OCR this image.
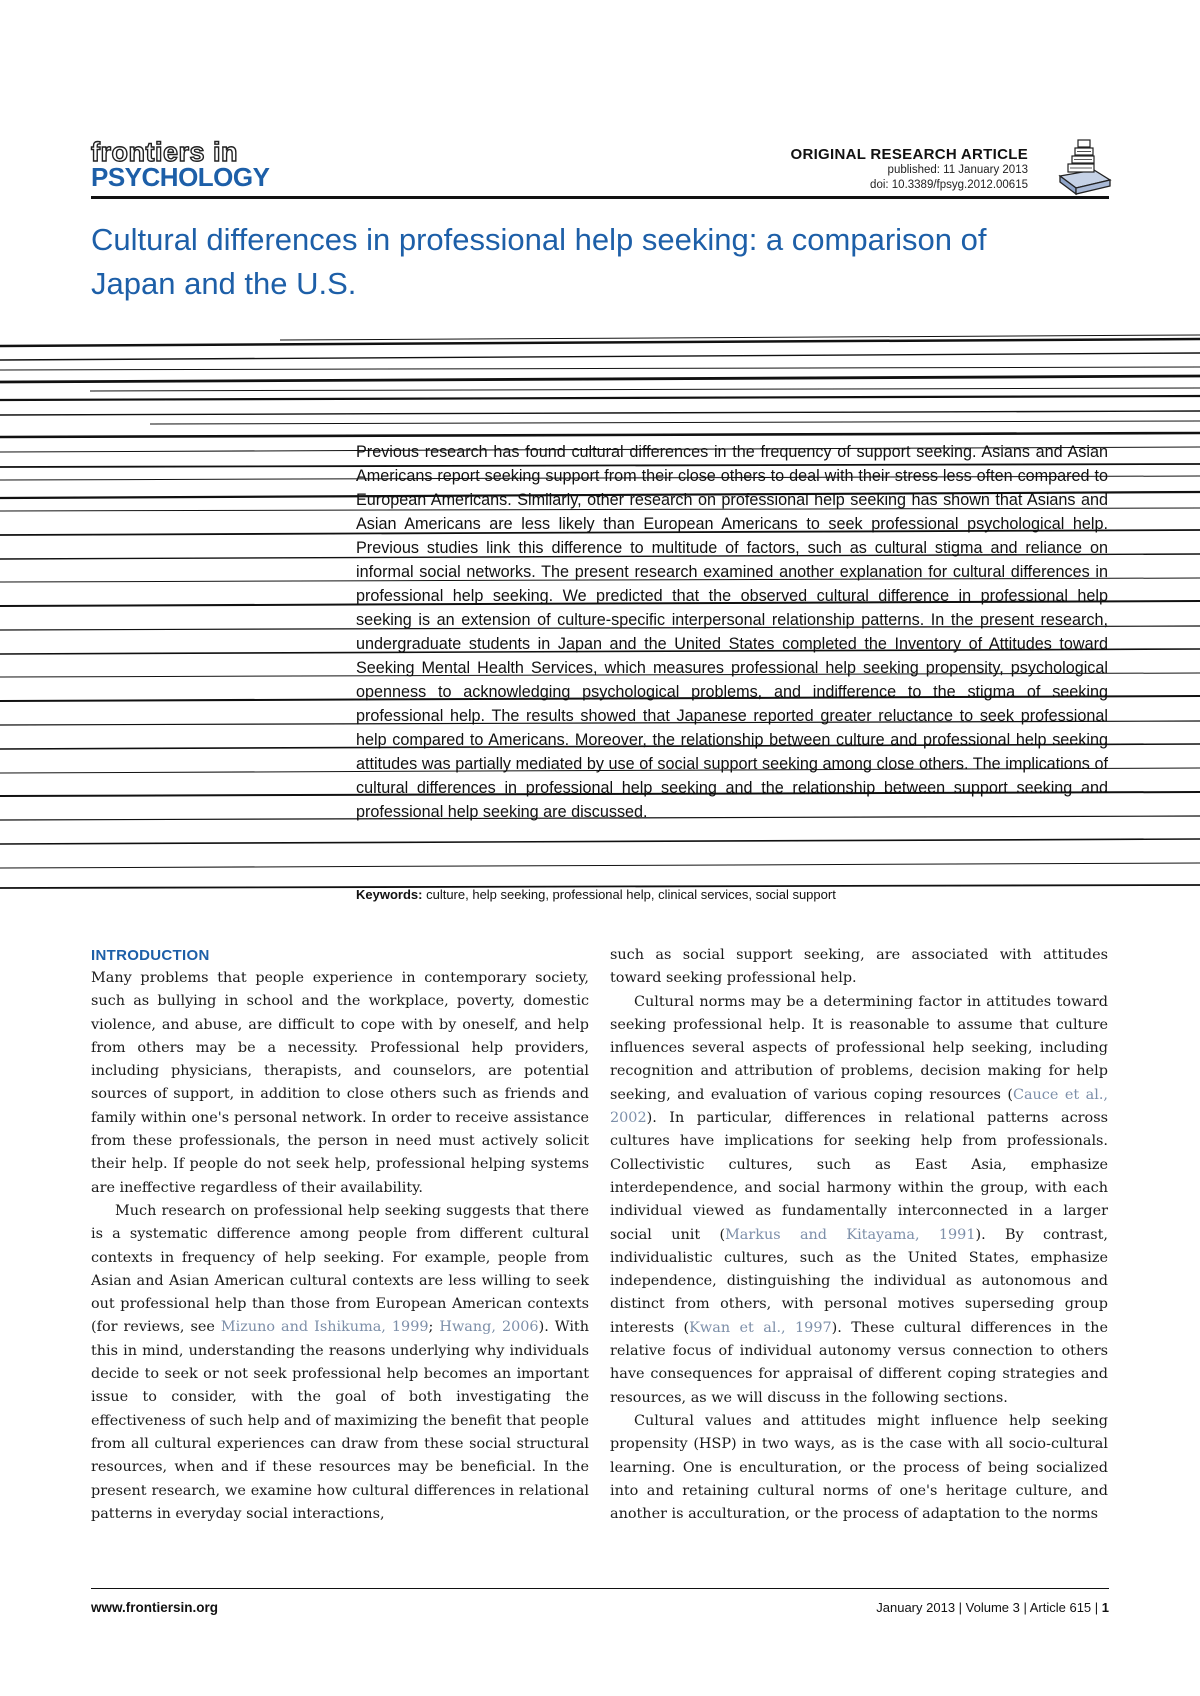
frontiers in
PSYCHOLOGY
ORIGINAL RESEARCH ARTICLE
published: 11 January 2013
doi: 10.3389/fpsyg.2012.00615
Cultural differences in professional help seeking: a comparison of Japan and the U.S.

Previous research has found cultural differences in the frequency of support seeking. Asians and Asian Americans report seeking support from their close others to deal with their stress less often compared to European Americans. Similarly, other research on professional help seeking has shown that Asians and Asian Americans are less likely than European Americans to seek professional psychological help. Previous studies link this difference to multitude of factors, such as cultural stigma and reliance on informal social networks. The present research examined another explanation for cultural differences in professional help seeking. We predicted that the observed cultural difference in professional help seeking is an extension of culture-specific interpersonal relationship patterns. In the present research, undergraduate students in Japan and the United States completed the Inventory of Attitudes toward Seeking Mental Health Services, which measures professional help seeking propensity, psychological openness to acknowledging psychological problems, and indifference to the stigma of seeking professional help. The results showed that Japanese reported greater reluctance to seek professional help compared to Americans. Moreover, the relationship between culture and professional help seeking attitudes was partially mediated by use of social support seeking among close others. The implications of cultural differences in professional help seeking and the relationship between support seeking and professional help seeking are discussed.

Keywords: culture, help seeking, professional help, clinical services, social support
INTRODUCTION

Many problems that people experience in contemporary society, such as bullying in school and the workplace, poverty, domestic violence, and abuse, are difficult to cope with by oneself, and help from others may be a necessity. Professional help providers, including physicians, therapists, and counselors, are potential sources of support, in addition to close others such as friends and family within one's personal network. In order to receive assistance from these professionals, the person in need must actively solicit their help. If people do not seek help, professional helping systems are ineffective regardless of their availability.

Much research on professional help seeking suggests that there is a systematic difference among people from different cultural contexts in frequency of help seeking. For example, people from Asian and Asian American cultural contexts are less willing to seek out professional help than those from European American contexts (for reviews, see Mizuno and Ishikuma, 1999; Hwang, 2006). With this in mind, understanding the reasons underlying why individuals decide to seek or not seek professional help becomes an important issue to consider, with the goal of both investigating the effectiveness of such help and of maximizing the benefit that people from all cultural experiences can draw from these social structural resources, when and if these resources may be beneficial. In the present research, we examine how cultural differences in relational patterns in everyday social interactions,

such as social support seeking, are associated with attitudes toward seeking professional help.

Cultural norms may be a determining factor in attitudes toward seeking professional help. It is reasonable to assume that culture influences several aspects of professional help seeking, including recognition and attribution of problems, decision making for help seeking, and evaluation of various coping resources (Cauce et al., 2002). In particular, differences in relational patterns across cultures have implications for seeking help from professionals. Collectivistic cultures, such as East Asia, emphasize interdependence, and social harmony within the group, with each individual viewed as fundamentally interconnected in a larger social unit (Markus and Kitayama, 1991). By contrast, individualistic cultures, such as the United States, emphasize independence, distinguishing the individual as autonomous and distinct from others, with personal motives superseding group interests (Kwan et al., 1997). These cultural differences in the relative focus of individual autonomy versus connection to others have consequences for appraisal of different coping strategies and resources, as we will discuss in the following sections.

Cultural values and attitudes might influence help seeking propensity (HSP) in two ways, as is the case with all socio-cultural learning. One is enculturation, or the process of being socialized into and retaining cultural norms of one's heritage culture, and another is acculturation, or the process of adaptation to the norms

www.frontiersin.org	January 2013 | Volume 3 | Article 615 | 1
